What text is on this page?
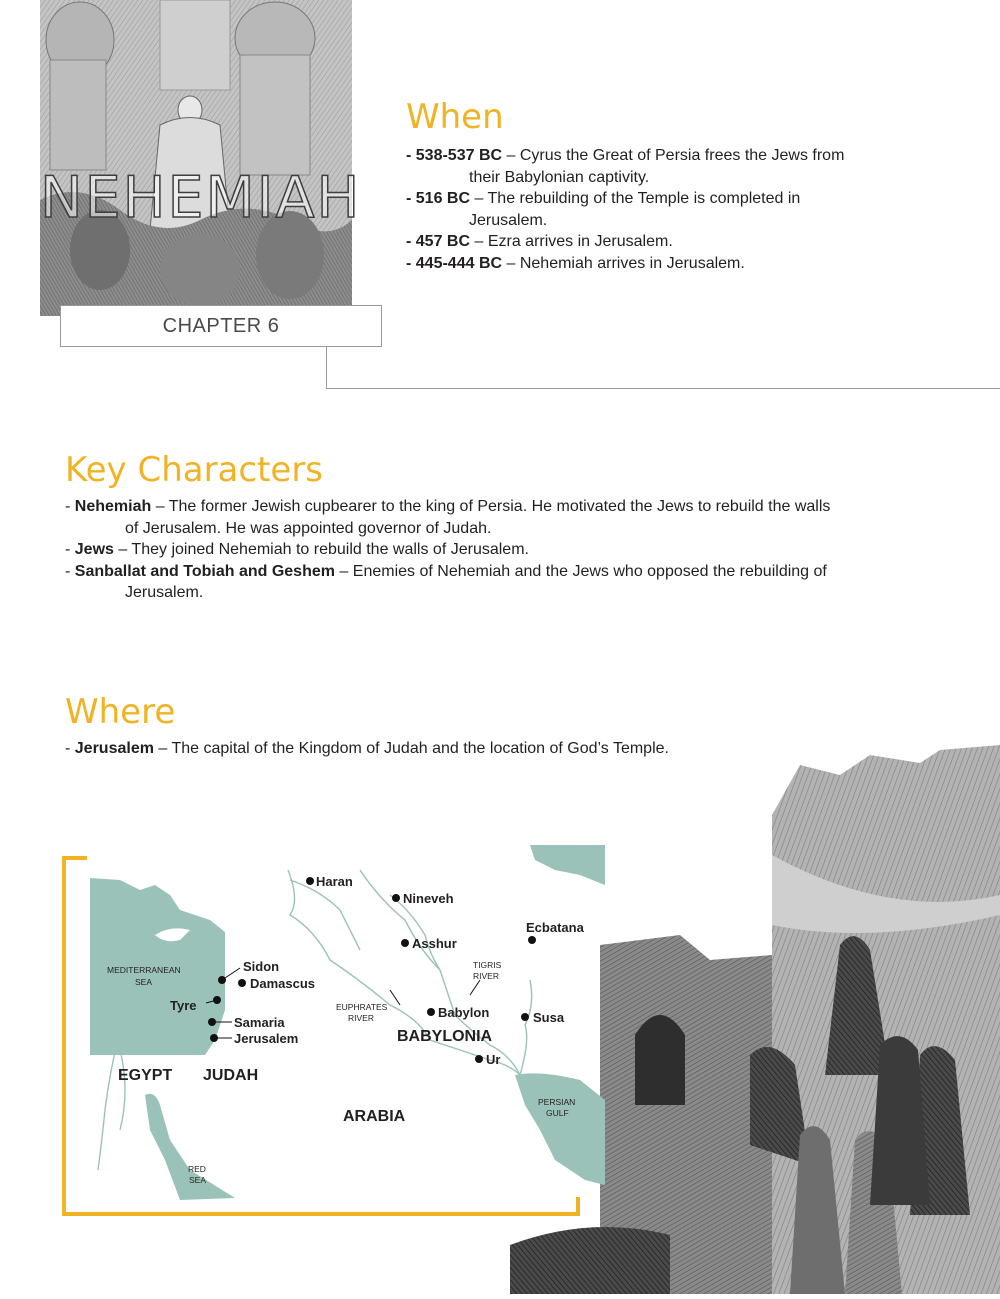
NEHEMIAH
CHAPTER 6
When
- 538-537 BC – Cyrus the Great of Persia frees the Jews from
their Babylonian captivity.
- 516 BC – The rebuilding of the Temple is completed in
Jerusalem.
- 457 BC – Ezra arrives in Jerusalem.
- 445-444 BC – Nehemiah arrives in Jerusalem.
Key Characters
- Nehemiah – The former Jewish cupbearer to the king of Persia. He motivated the Jews to rebuild the walls
of Jerusalem. He was appointed governor of Judah.
- Jews – They joined Nehemiah to rebuild the walls of Jerusalem.
- Sanballat and Tobiah and Geshem – Enemies of Nehemiah and the Jews who opposed the rebuilding of
Jerusalem.
Where
- Jerusalem – The capital of the Kingdom of Judah and the location of God’s Temple.
Haran
Nineveh
Asshur
Ecbatana
Sidon
Damascus
Tyre
Samaria
Jerusalem
Babylon	Susa
Ur
EGYPT JUDAH
BABYLONIA
ARABIA
MEDITERRANEAN
SEA
RED
SEA
PERSIAN
GULF
TIGRIS
RIVER
EUPHRATES
RIVER
